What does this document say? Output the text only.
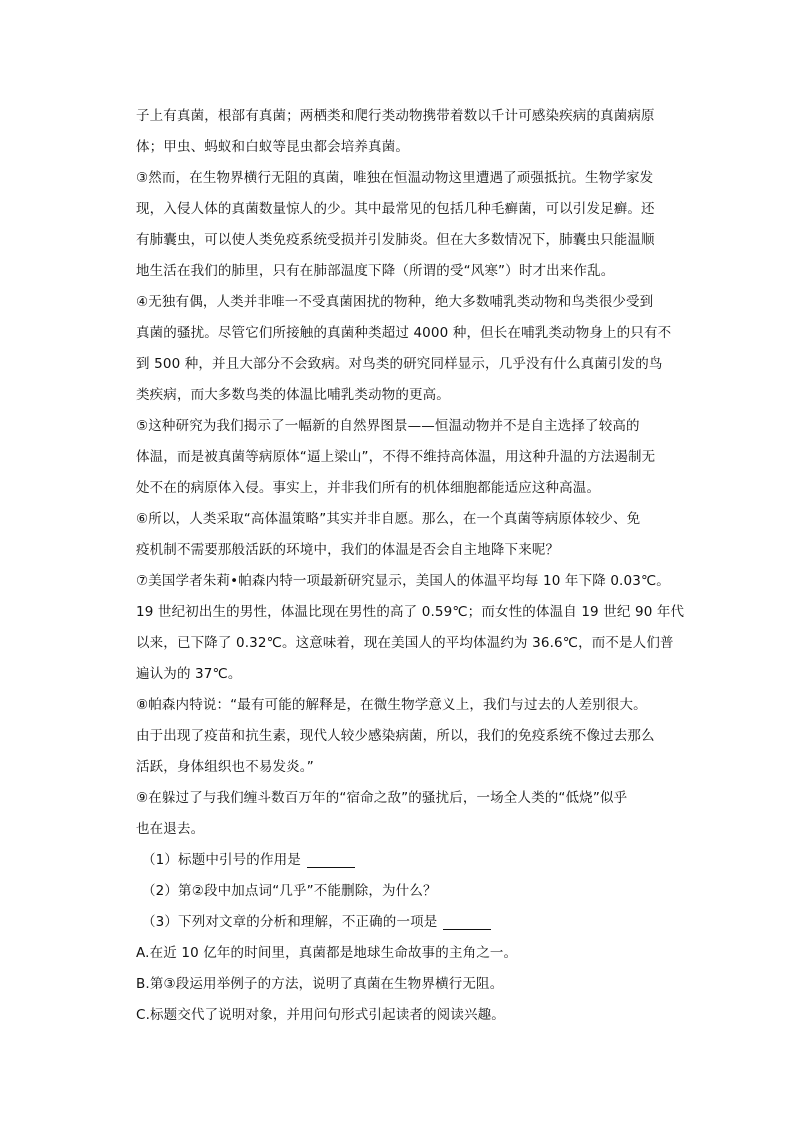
子上有真菌，根部有真菌；两栖类和爬行类动物携带着数以千计可感染疾病的真菌病原
体；甲虫、蚂蚁和白蚁等昆虫都会培养真菌。
③然而，在生物界横行无阻的真菌，唯独在恒温动物这里遭遇了顽强抵抗。生物学家发
现，入侵人体的真菌数量惊人的少。其中最常见的包括几种毛癣菌，可以引发足癣。还
有肺囊虫，可以使人类免疫系统受损并引发肺炎。但在大多数情况下，肺囊虫只能温顺
地生活在我们的肺里，只有在肺部温度下降（所谓的受“风寒”）时才出来作乱。
④无独有偶，人类并非唯一不受真菌困扰的物种，绝大多数哺乳类动物和鸟类很少受到
真菌的骚扰。尽管它们所接触的真菌种类超过 4000 种，但长在哺乳类动物身上的只有不
到 500 种，并且大部分不会致病。对鸟类的研究同样显示，几乎没有什么真菌引发的鸟
类疾病，而大多数鸟类的体温比哺乳类动物的更高。
⑤这种研究为我们揭示了一幅新的自然界图景——恒温动物并不是自主选择了较高的
体温，而是被真菌等病原体“逼上梁山”，不得不维持高体温，用这种升温的方法遏制无
处不在的病原体入侵。事实上，并非我们所有的机体细胞都能适应这种高温。
⑥所以，人类采取“高体温策略”其实并非自愿。那么，在一个真菌等病原体较少、免
疫机制不需要那般活跃的环境中，我们的体温是否会自主地降下来呢？
⑦美国学者朱莉•帕森内特一项最新研究显示，美国人的体温平均每 10 年下降 0.03℃。
19 世纪初出生的男性，体温比现在男性的高了 0.59℃；而女性的体温自 19 世纪 90 年代
以来，已下降了 0.32℃。这意味着，现在美国人的平均体温约为 36.6℃，而不是人们普
遍认为的 37℃。
⑧帕森内特说：“最有可能的解释是，在微生物学意义上，我们与过去的人差别很大。
由于出现了疫苗和抗生素，现代人较少感染病菌，所以，我们的免疫系统不像过去那么
活跃，身体组织也不易发炎。”
⑨在躲过了与我们缠斗数百万年的“宿命之敌”的骚扰后，一场全人类的“低烧”似乎
也在退去。
（1）标题中引号的作用是
（2）第②段中加点词“几乎”不能删除，为什么？
（3）下列对文章的分析和理解，不正确的一项是
A.在近 10 亿年的时间里，真菌都是地球生命故事的主角之一。
B.第③段运用举例子的方法，说明了真菌在生物界横行无阻。
C.标题交代了说明对象，并用问句形式引起读者的阅读兴趣。
